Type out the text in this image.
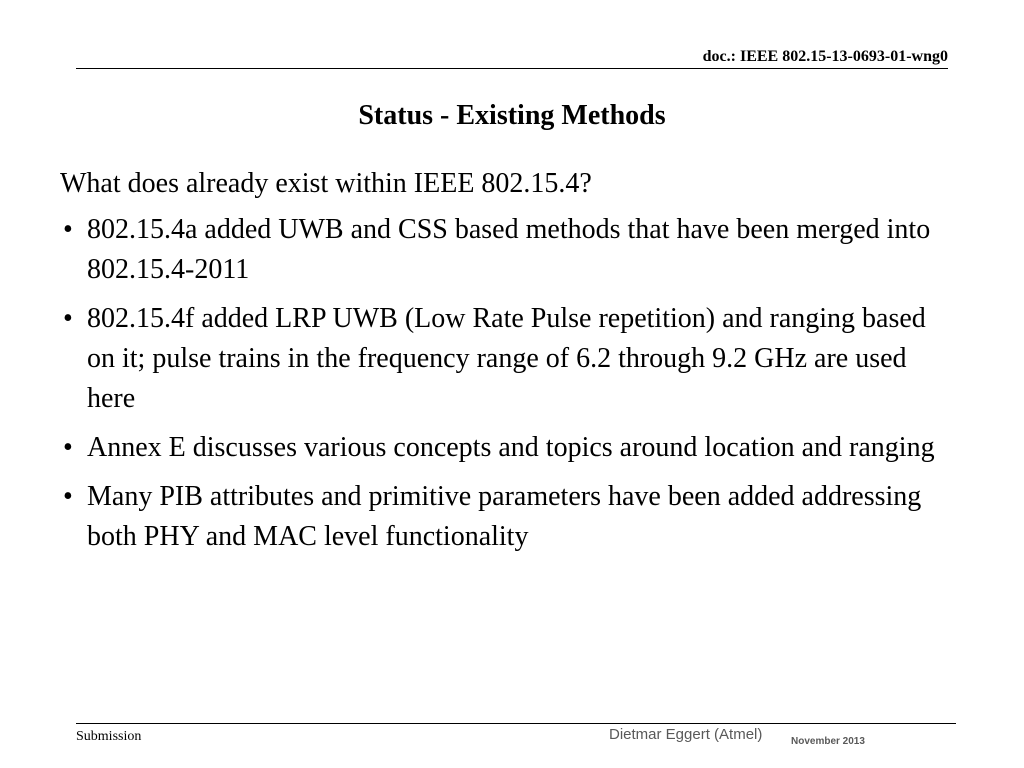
doc.: IEEE 802.15-13-0693-01-wng0
Status - Existing Methods

What does already exist within IEEE 802.15.4?

• 802.15.4a added UWB and CSS based methods that have been merged into 802.15.4-2011
• 802.15.4f added LRP UWB (Low Rate Pulse repetition) and ranging based on it; pulse trains in the frequency range of 6.2 through 9.2 GHz are used here
• Annex E discusses various concepts and topics around location and ranging
• Many PIB attributes and primitive parameters have been added addressing both PHY and MAC level functionality
Submission	Dietmar Eggert (Atmel)	November 2013
